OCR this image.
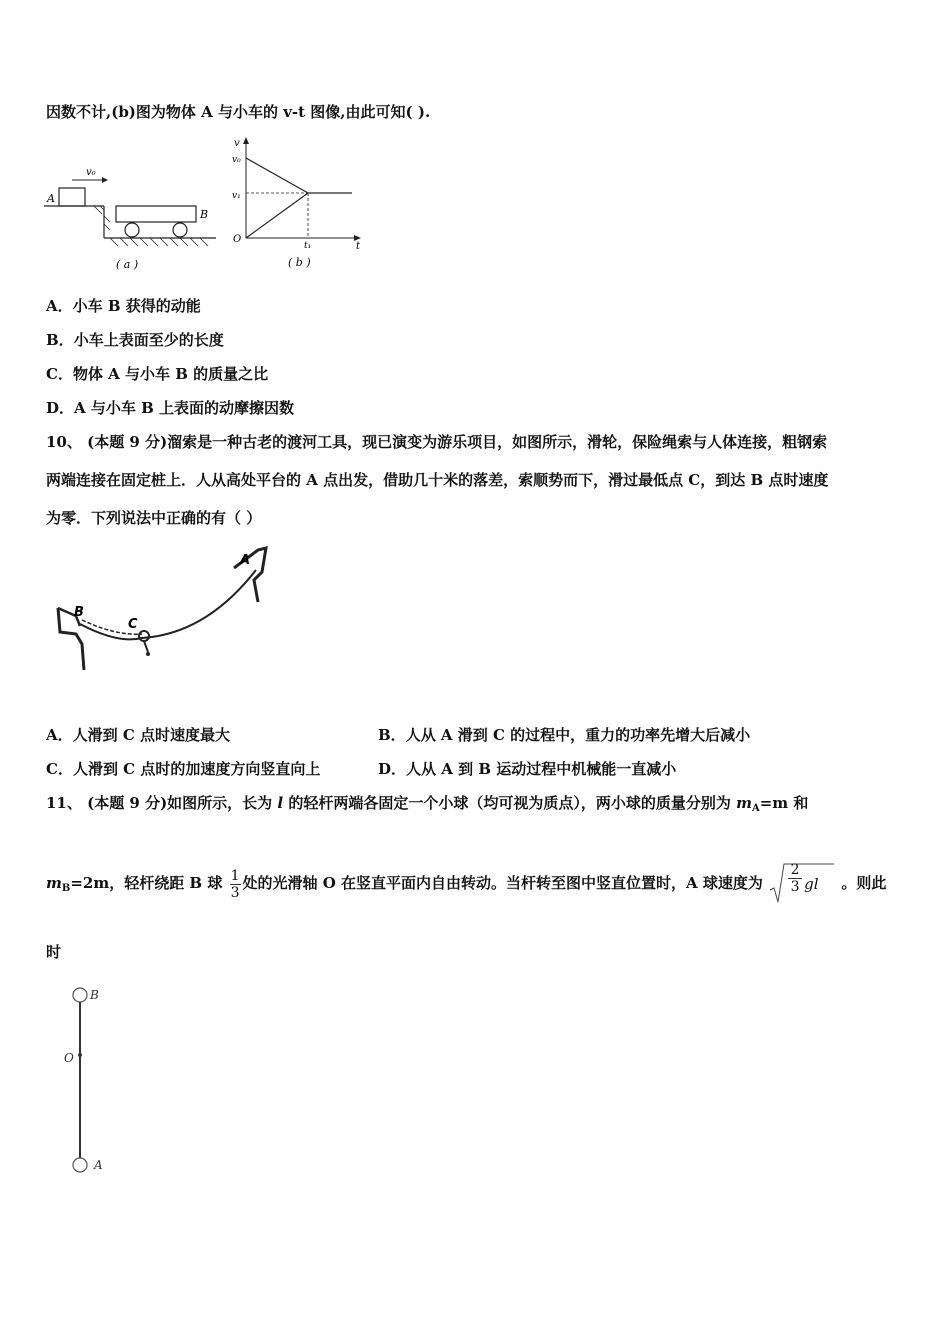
因数不计,(b)图为物体 A 与小车的 v-t 图像,由此可知( ).
A
v₀
B
( a )
v
t
v₀
v₁
O
t₁
( b )
A．小车 B 获得的动能
B．小车上表面至少的长度
C．物体 A 与小车 B 的质量之比
D．A 与小车 B 上表面的动摩擦因数
10、 (本题 9 分)溜索是一种古老的渡河工具，现已演变为游乐项目，如图所示，滑轮，保险绳索与人体连接，粗钢索
两端连接在固定桩上．人从高处平台的 A 点出发，借助几十米的落差，索顺势而下，滑过最低点 C，到达 B 点时速度
为零．下列说法中正确的有（ ）
A
B
C
A．人滑到 C 点时速度最大	B．人从 A 滑到 C 的过程中，重力的功率先增大后减小
C．人滑到 C 点时的加速度方向竖直向上	D．人从 A 到 B 运动过程中机械能一直减小
11、 (本题 9 分)如图所示，长为 l 的轻杆两端各固定一个小球（均可视为质点），两小球的质量分别为 $m_A=m$ 和
$m_B=2m$，轻杆绕距 B 球 $\frac{1}{3}$ 处的光滑轴 O 在竖直平面内自由转动。当杆转至图中竖直位置时，A 球速度为 $\frac{2}{3}$ gl 。则此
时
B
O
A
